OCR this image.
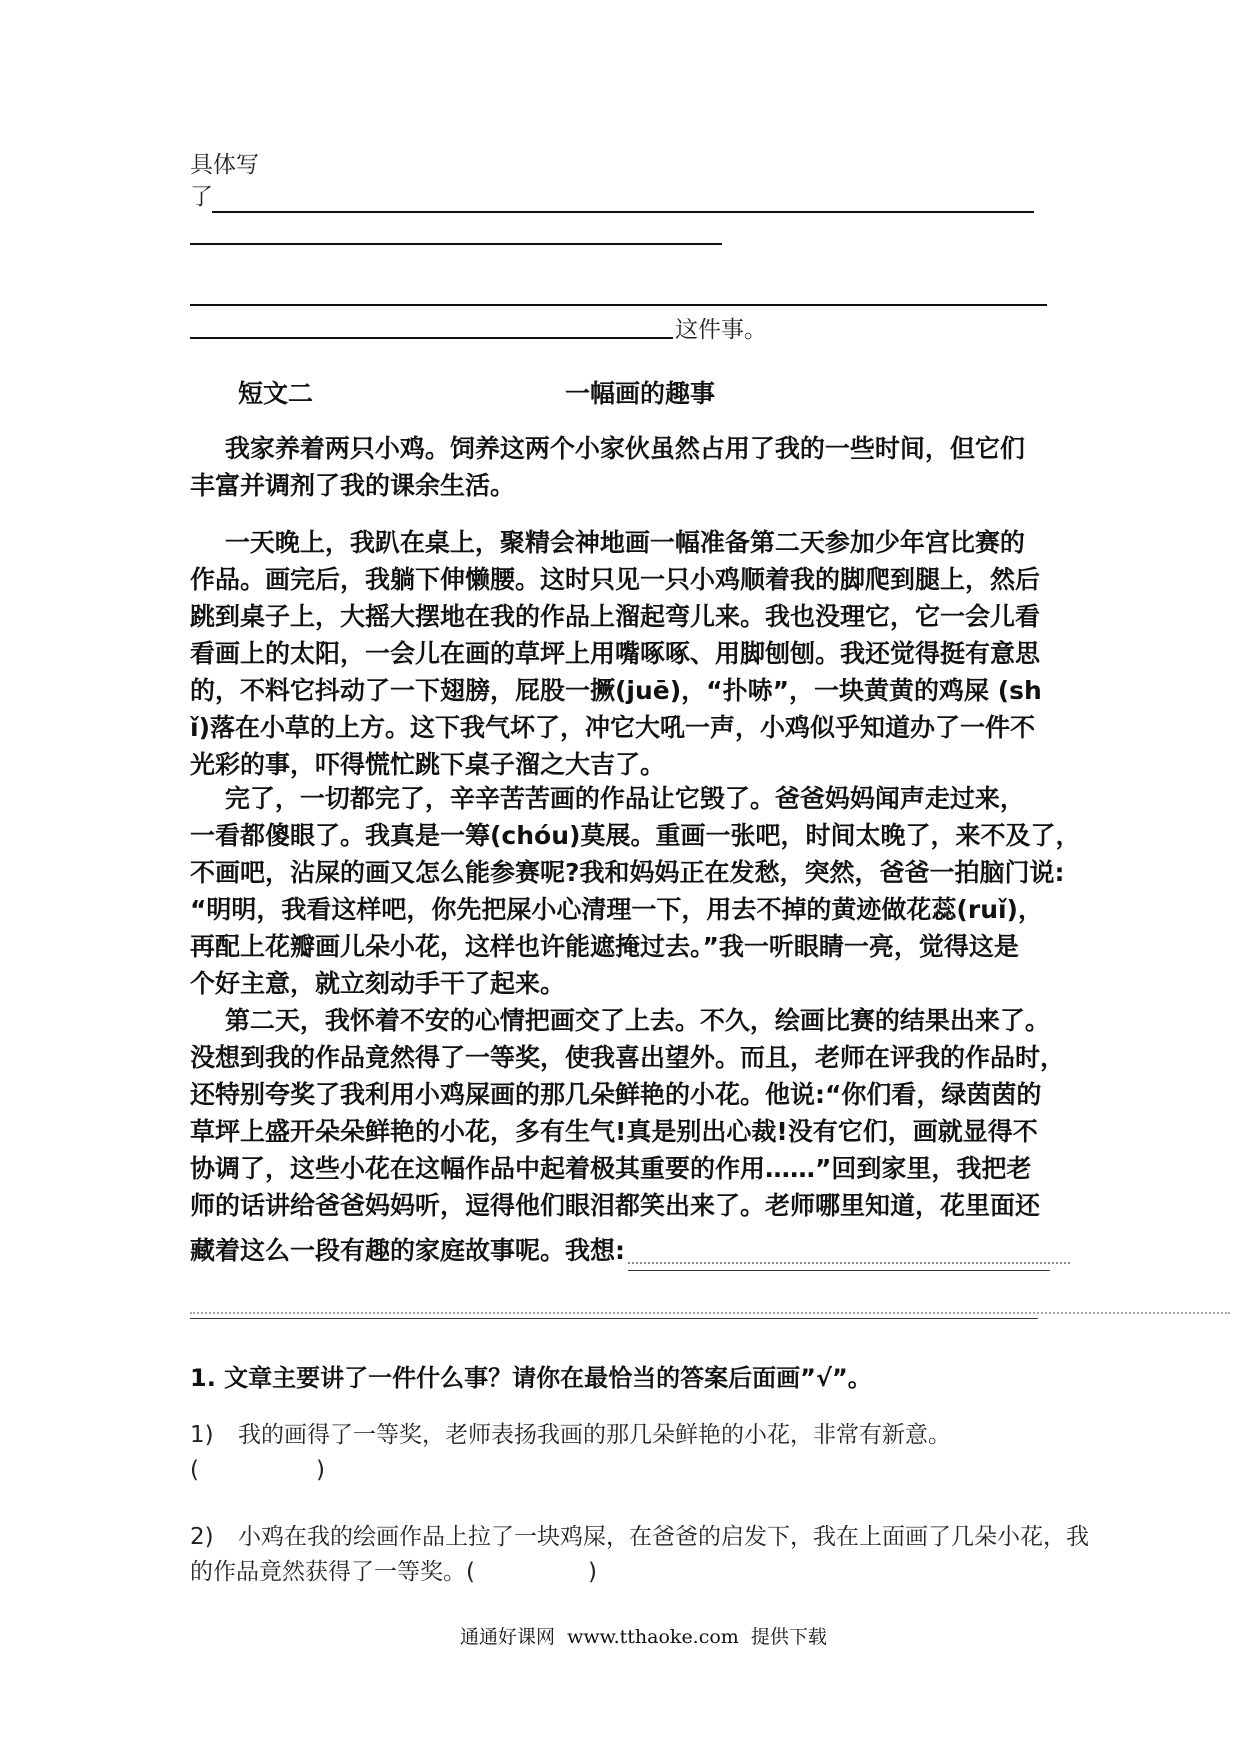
具体写
了
这件事。
短文二	一幅画的趣事

我家养着两只小鸡。饲养这两个小家伙虽然占用了我的一些时间，但它们

丰富并调剂了我的课余生活。

一天晚上，我趴在桌上，聚精会神地画一幅准备第二天参加少年宫比赛的

作品。画完后，我躺下伸懒腰。这时只见一只小鸡顺着我的脚爬到腿上，然后

跳到桌子上，大摇大摆地在我的作品上溜起弯儿来。我也没理它，它一会儿看

看画上的太阳，一会儿在画的草坪上用嘴啄啄、用脚刨刨。我还觉得挺有意思

的，不料它抖动了一下翅膀，屁股一撅(juē)，“扑哧”，一块黄黄的鸡屎 (sh

ǐ)落在小草的上方。这下我气坏了，冲它大吼一声，小鸡似乎知道办了一件不

光彩的事，吓得慌忙跳下桌子溜之大吉了。

完了，一切都完了，辛辛苦苦画的作品让它毁了。爸爸妈妈闻声走过来，

一看都傻眼了。我真是一筹(chóu)莫展。重画一张吧，时间太晚了，来不及了，

不画吧，沾屎的画又怎么能参赛呢?我和妈妈正在发愁，突然，爸爸一拍脑门说:

“明明，我看这样吧，你先把屎小心清理一下，用去不掉的黄迹做花蕊(ruǐ)，

再配上花瓣画儿朵小花，这样也许能遮掩过去。”我一听眼睛一亮，觉得这是

个好主意，就立刻动手干了起来。

第二天，我怀着不安的心情把画交了上去。不久，绘画比赛的结果出来了。

没想到我的作品竟然得了一等奖，使我喜出望外。而且，老师在评我的作品时，

还特别夸奖了我利用小鸡屎画的那几朵鲜艳的小花。他说:“你们看，绿茵茵的

草坪上盛开朵朵鲜艳的小花，多有生气!真是别出心裁!没有它们，画就显得不

协调了，这些小花在这幅作品中起着极其重要的作用……”回到家里，我把老

师的话讲给爸爸妈妈听，逗得他们眼泪都笑出来了。老师哪里知道，花里面还

藏着这么一段有趣的家庭故事呢。我想:
1. 文章主要讲了一件什么事？请你在最恰当的答案后面画”√”。
1) 我的画得了一等奖，老师表扬我画的那几朵鲜艳的小花，非常有新意。
(                )
2) 小鸡在我的绘画作品上拉了一块鸡屎，在爸爸的启发下，我在上面画了几朵小花，我
的作品竟然获得了一等奖。(	)
通通好课网  www.tthaoke.com  提供下载
